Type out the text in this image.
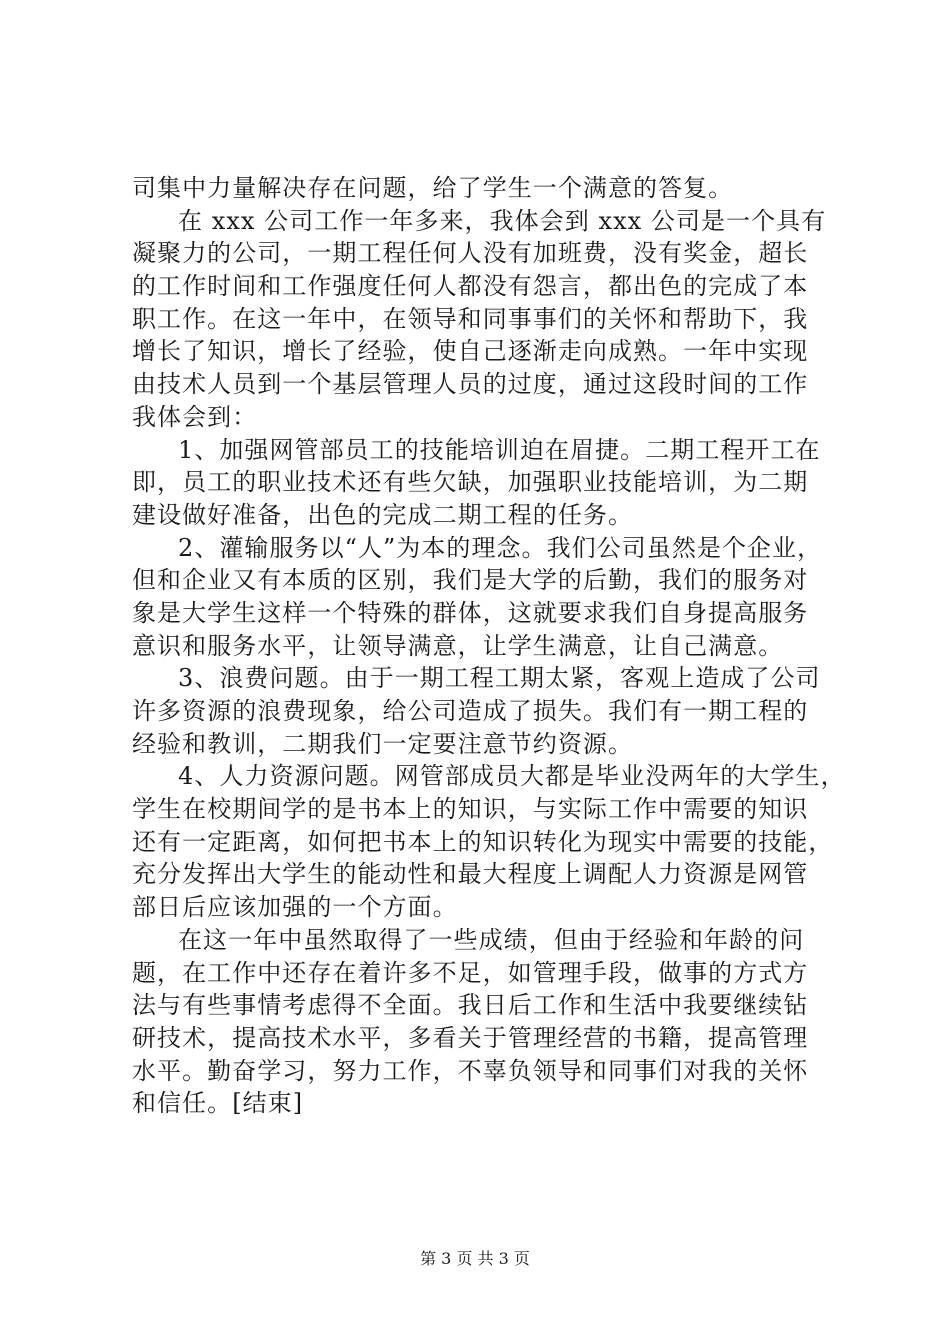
司集中力量解决存在问题，给了学生一个满意的答复。
在 xxx 公司工作一年多来，我体会到 xxx 公司是一个具有
凝聚力的公司，一期工程任何人没有加班费，没有奖金，超长
的工作时间和工作强度任何人都没有怨言，都出色的完成了本
职工作。在这一年中，在领导和同事事们的关怀和帮助下，我
增长了知识，增长了经验，使自己逐渐走向成熟。一年中实现
由技术人员到一个基层管理人员的过度，通过这段时间的工作
我体会到：
1、加强网管部员工的技能培训迫在眉捷。二期工程开工在
即，员工的职业技术还有些欠缺，加强职业技能培训，为二期
建设做好准备，出色的完成二期工程的任务。
2、灌输服务以“人”为本的理念。我们公司虽然是个企业，
但和企业又有本质的区别，我们是大学的后勤，我们的服务对
象是大学生这样一个特殊的群体，这就要求我们自身提高服务
意识和服务水平，让领导满意，让学生满意，让自己满意。
3、浪费问题。由于一期工程工期太紧，客观上造成了公司
许多资源的浪费现象，给公司造成了损失。我们有一期工程的
经验和教训，二期我们一定要注意节约资源。
4、人力资源问题。网管部成员大都是毕业没两年的大学生，
学生在校期间学的是书本上的知识，与实际工作中需要的知识
还有一定距离，如何把书本上的知识转化为现实中需要的技能，
充分发挥出大学生的能动性和最大程度上调配人力资源是网管
部日后应该加强的一个方面。
在这一年中虽然取得了一些成绩，但由于经验和年龄的问
题，在工作中还存在着许多不足，如管理手段，做事的方式方
法与有些事情考虑得不全面。我日后工作和生活中我要继续钻
研技术，提高技术水平，多看关于管理经营的书籍，提高管理
水平。勤奋学习，努力工作，不辜负领导和同事们对我的关怀
和信任。[结束]
第 3 页 共 3 页
